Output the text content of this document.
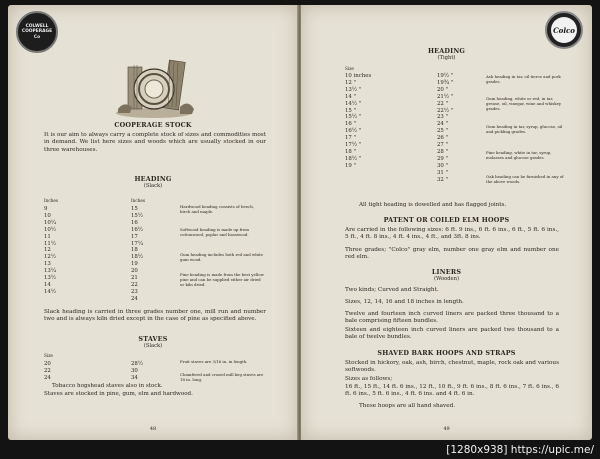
COLWELL
COOPERAGE
Co
COOPERAGE STOCK
It is our aim to always carry a complete stock of sizes and commodities most in demand. We list here sizes and woods which are usually stocked in our three warehouses.
HEADING
(Slack)
Inches	Inches
9
10
10¼
10½
11
11½
12
12½
13
13¼
13½
14
14½
15
15½
16
16½
17
17¼
18
18½
19
20
21
22
23
24
Hardwood heading consists of beech, birch and maple.
Softwood heading is made up from cottonwood, poplar and basswood.
Gum heading includes both red and white gum wood.
Pine heading is made from the best yellow pine and can be supplied either air dried or kiln dried.
Slack heading is carried in three grades number one, mill run and number two and is always kiln dried except in the case of pine as specified above.
STAVES
(Slack)
Size
20
22
24
28½
30
34
Fruit staves are 3/16 in. in length.
Chamfered and crozed mill keg staves are 18 in. long.
Tobacco hogshead staves also in stock.
Staves are stocked in pine, gum, elm and hardwood.
48
Colco
HEADING
(Tight)
Size
10 inches
12 "
13½ "
14 "
14½ "
15 "
15½ "
16 "
16½ "
17 "
17½ "
18 "
18½ "
19 "
19½ "
19¾ "
20 "
21½ "
22 "
22½ "
23 "
24 "
25 "
26 "
27 "
28 "
29 "
30 "
31 "
32 "
Ash heading in tar, oil tierce and pork grades.
Gum heading, white or red, in tar, grease, oil, vinegar, wine and whiskey grades.
Gum heading in tar, syrup, glucose, oil and pickling grades.
Pine heading, white in tar, syrup, molasses and glucose grades.
Oak heading can be furnished in any of the above woods.
All tight heading is dowelled and has flagged joints.
PATENT OR COILED ELM HOOPS
Are carried in the following sizes: 6 ft. 9 ins., 6 ft. 6 ins., 6 ft., 5 ft. 6 ins., 5 ft., 4 ft. 8 ins., 4 ft. 4 ins., 4 ft., and 3ft. 8 ins.
Three grades; "Colco" gray elm, number one gray elm and number one red elm.
LINERS
(Wooden)
Two kinds; Curved and Straight.
Sizes, 12, 14, 16 and 18 inches in length.
Twelve and fourteen inch curved liners are packed three thousand to a bale comprising fifteen bundles.
Sixteen and eighteen inch curved liners are packed two thousand to a bale of twelve bundles.
SHAVED BARK HOOPS AND STRAPS
Stocked in hickory, oak, ash, birch, chestnut, maple, rock oak and various softwoods.
Sizes as follows;
16 ft., 15 ft., 14 ft. 6 ins., 12 ft., 10 ft., 9 ft. 6 ins., 8 ft. 6 ins., 7 ft. 6 ins., 6 ft. 6 ins., 5 ft. 6 ins., 4 ft. 6 ins. and 4 ft. 6 in.
These hoops are all hand shaved.
49
[1280x938] https://upic.me/
